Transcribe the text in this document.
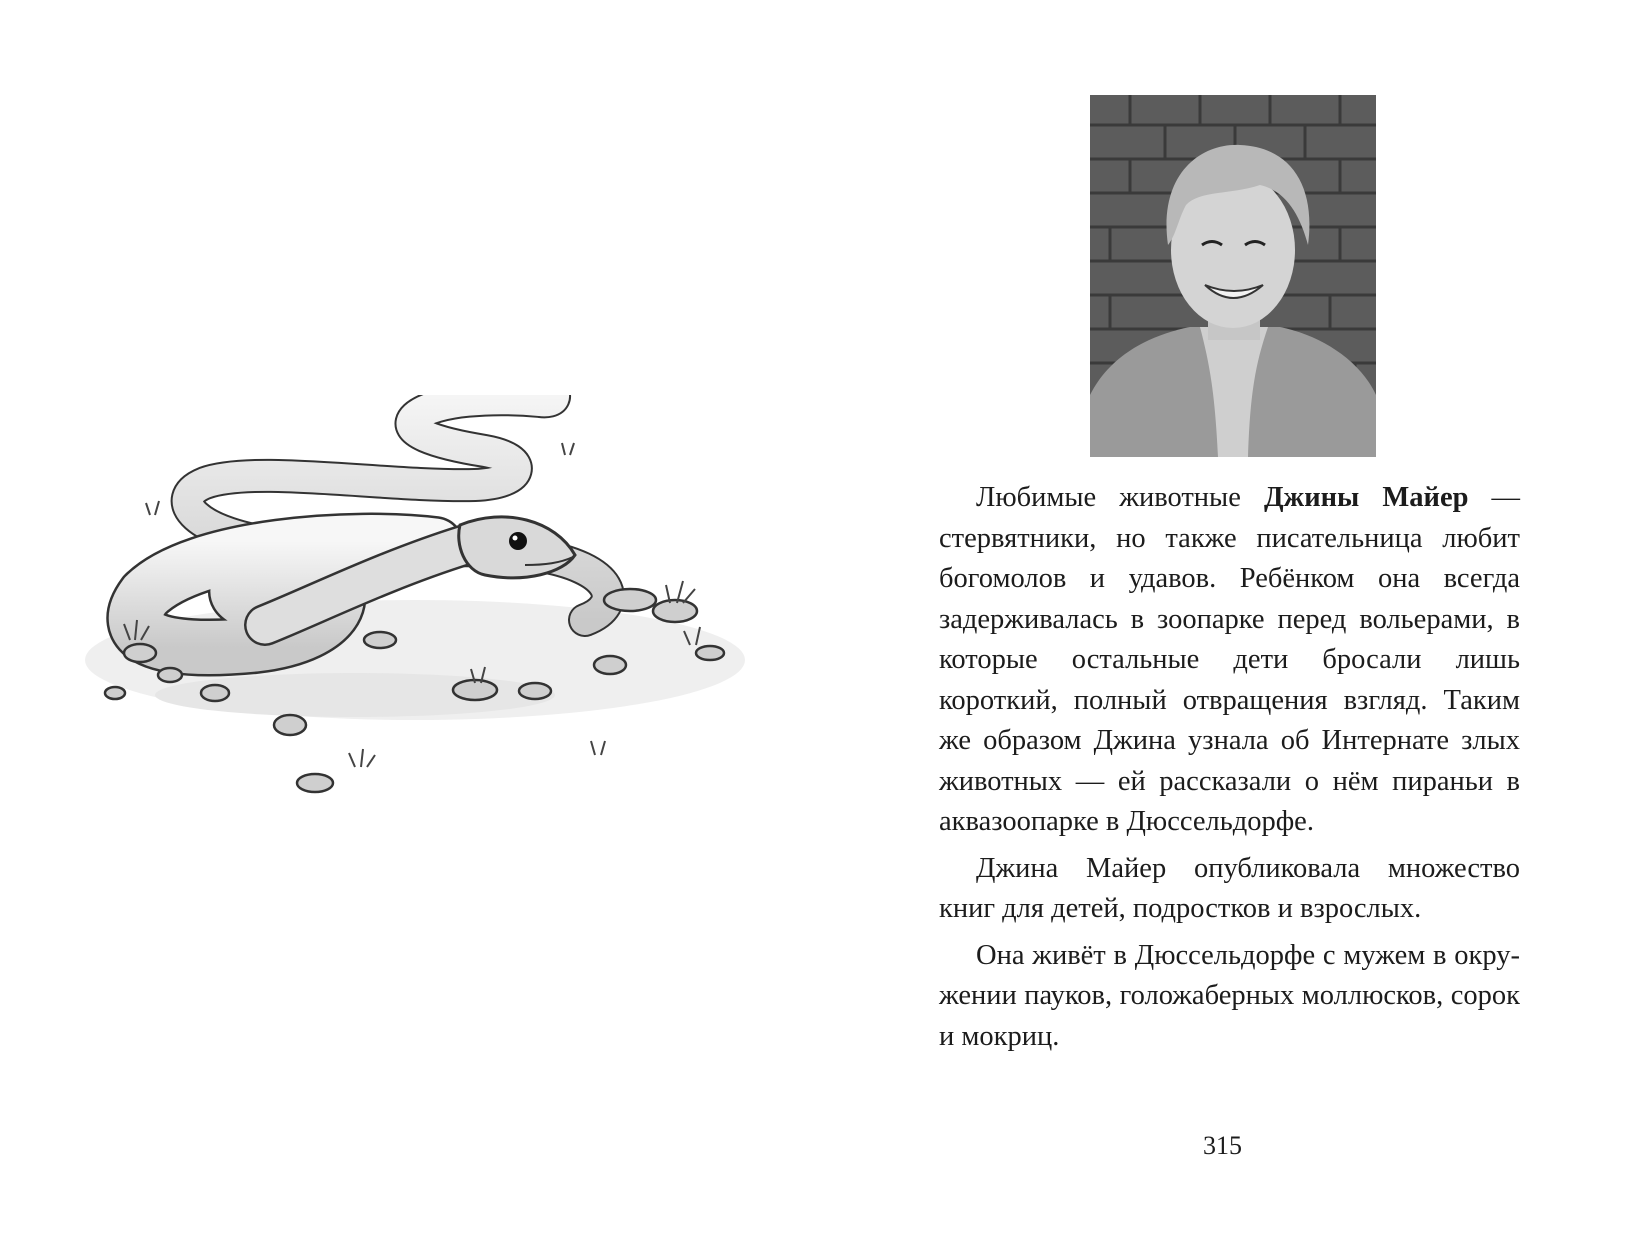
Любимые животные Джины Майер — стервятники, но также писательница любит богомолов и удавов. Ребёнком она всегда задерживалась в зоопарке перед вольерами, в которые остальные дети бросали лишь короткий, полный отвращения взгляд. Таким же образом Джина узнала об Интернате злых животных — ей рассказали о нём пираньи в аквазоопарке в Дюссельдорфе.

Джина Майер опубликовала множество книг для детей, подростков и взрослых.

Она живёт в Дюссельдорфе с мужем в окружении пауков, голожаберных моллюсков, сорок и мокриц.

315
